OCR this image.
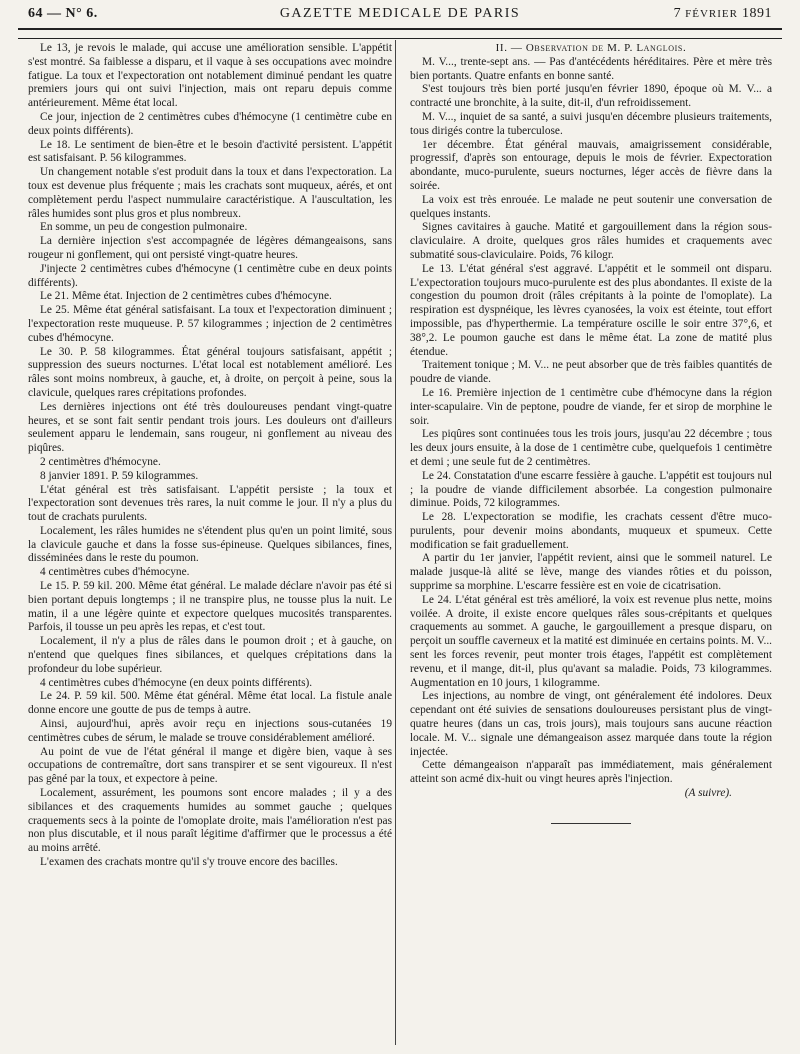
64 — N° 6.	GAZETTE MEDICALE DE PARIS	7 FÉVRIER 1891

Le 13, je revois le malade, qui accuse une amélioration sensible. L'appétit s'est montré. Sa faiblesse a disparu, et il vaque à ses occupations avec moindre fatigue. La toux et l'expectoration ont notablement diminué pendant les quatre premiers jours qui ont suivi l'injection, mais ont reparu depuis comme antérieurement. Même état local.

Ce jour, injection de 2 centimètres cubes d'hémocyne (1 centimètre cube en deux points différents).

Le 18. Le sentiment de bien-être et le besoin d'activité persistent. L'appétit est satisfaisant. P. 56 kilogrammes.

Un changement notable s'est produit dans la toux et dans l'expectoration. La toux est devenue plus fréquente ; mais les crachats sont muqueux, aérés, et ont complètement perdu l'aspect nummulaire caractéristique. A l'auscultation, les râles humides sont plus gros et plus nombreux.

En somme, un peu de congestion pulmonaire.

La dernière injection s'est accompagnée de légères démangeaisons, sans rougeur ni gonflement, qui ont persisté vingt-quatre heures.

J'injecte 2 centimètres cubes d'hémocyne (1 centimètre cube en deux points différents).

Le 21. Même état. Injection de 2 centimètres cubes d'hémocyne.

Le 25. Même état général satisfaisant. La toux et l'expectoration diminuent ; l'expectoration reste muqueuse. P. 57 kilogrammes ; injection de 2 centimètres cubes d'hémocyne.

Le 30. P. 58 kilogrammes. État général toujours satisfaisant, appétit ; suppression des sueurs nocturnes. L'état local est notablement amélioré. Les râles sont moins nombreux, à gauche, et, à droite, on perçoit à peine, sous la clavicule, quelques rares crépitations profondes.

Les dernières injections ont été très douloureuses pendant vingt-quatre heures, et se sont fait sentir pendant trois jours. Les douleurs ont d'ailleurs seulement apparu le lendemain, sans rougeur, ni gonflement au niveau des piqûres.

2 centimètres d'hémocyne.

8 janvier 1891. P. 59 kilogrammes.

L'état général est très satisfaisant. L'appétit persiste ; la toux et l'expectoration sont devenues très rares, la nuit comme le jour. Il n'y a plus du tout de crachats purulents.

Localement, les râles humides ne s'étendent plus qu'en un point limité, sous la clavicule gauche et dans la fosse sus-épineuse. Quelques sibilances, fines, disséminées dans le reste du poumon.

4 centimètres cubes d'hémocyne.

Le 15. P. 59 kil. 200. Même état général. Le malade déclare n'avoir pas été si bien portant depuis longtemps ; il ne transpire plus, ne tousse plus la nuit. Le matin, il a une légère quinte et expectore quelques mucosités transparentes. Parfois, il tousse un peu après les repas, et c'est tout.

Localement, il n'y a plus de râles dans le poumon droit ; et à gauche, on n'entend que quelques fines sibilances, et quelques crépitations dans la profondeur du lobe supérieur.

4 centimètres cubes d'hémocyne (en deux points différents).

Le 24. P. 59 kil. 500. Même état général. Même état local. La fistule anale donne encore une goutte de pus de temps à autre.

Ainsi, aujourd'hui, après avoir reçu en injections sous-cutanées 19 centimètres cubes de sérum, le malade se trouve considérablement amélioré.

Au point de vue de l'état général il mange et digère bien, vaque à ses occupations de contremaître, dort sans transpirer et se sent vigoureux. Il n'est pas gêné par la toux, et expectore à peine.

Localement, assurément, les poumons sont encore malades ; il y a des sibilances et des craquements humides au sommet gauche ; quelques craquements secs à la pointe de l'omoplate droite, mais l'amélioration n'est pas non plus discutable, et il nous paraît légitime d'affirmer que le processus a été au moins arrêté.

L'examen des crachats montre qu'il s'y trouve encore des bacilles.

II. — Observation de M. P. Langlois.

M. V..., trente-sept ans. — Pas d'antécédents héréditaires. Père et mère très bien portants. Quatre enfants en bonne santé.

S'est toujours très bien porté jusqu'en février 1890, époque où M. V... a contracté une bronchite, à la suite, dit-il, d'un refroidissement.

M. V..., inquiet de sa santé, a suivi jusqu'en décembre plusieurs traitements, tous dirigés contre la tuberculose.

1er décembre. État général mauvais, amaigrissement considérable, progressif, d'après son entourage, depuis le mois de février. Expectoration abondante, muco-purulente, sueurs nocturnes, léger accès de fièvre dans la soirée.

La voix est très enrouée. Le malade ne peut soutenir une conversation de quelques instants.

Signes cavitaires à gauche. Matité et gargouillement dans la région sous-claviculaire. A droite, quelques gros râles humides et craquements avec submatité sous-claviculaire. Poids, 76 kilogr.

Le 13. L'état général s'est aggravé. L'appétit et le sommeil ont disparu. L'expectoration toujours muco-purulente est des plus abondantes. Il existe de la congestion du poumon droit (râles crépitants à la pointe de l'omoplate). La respiration est dyspnéique, les lèvres cyanosées, la voix est éteinte, tout effort impossible, pas d'hyperthermie. La température oscille le soir entre 37°,6, et 38°,2. Le poumon gauche est dans le même état. La zone de matité plus étendue.

Traitement tonique ; M. V... ne peut absorber que de très faibles quantités de poudre de viande.

Le 16. Première injection de 1 centimètre cube d'hémocyne dans la région inter-scapulaire. Vin de peptone, poudre de viande, fer et sirop de morphine le soir.

Les piqûres sont continuées tous les trois jours, jusqu'au 22 décembre ; tous les deux jours ensuite, à la dose de 1 centimètre cube, quelquefois 1 centimètre et demi ; une seule fut de 2 centimètres.

Le 24. Constatation d'une escarre fessière à gauche. L'appétit est toujours nul ; la poudre de viande difficilement absorbée. La congestion pulmonaire diminue. Poids, 72 kilogrammes.

Le 28. L'expectoration se modifie, les crachats cessent d'être muco-purulents, pour devenir moins abondants, muqueux et spumeux. Cette modification se fait graduellement.

A partir du 1er janvier, l'appétit revient, ainsi que le sommeil naturel. Le malade jusque-là alité se lève, mange des viandes rôties et du poisson, supprime sa morphine. L'escarre fessière est en voie de cicatrisation.

Le 24. L'état général est très amélioré, la voix est revenue plus nette, moins voilée. A droite, il existe encore quelques râles sous-crépitants et quelques craquements au sommet. A gauche, le gargouillement a presque disparu, on perçoit un souffle caverneux et la matité est diminuée en certains points. M. V... sent les forces revenir, peut monter trois étages, l'appétit est complètement revenu, et il mange, dit-il, plus qu'avant sa maladie. Poids, 73 kilogrammes. Augmentation en 10 jours, 1 kilogramme.

Les injections, au nombre de vingt, ont généralement été indolores. Deux cependant ont été suivies de sensations douloureuses persistant plus de vingt-quatre heures (dans un cas, trois jours), mais toujours sans aucune réaction locale. M. V... signale une démangeaison assez marquée dans toute la région injectée.

Cette démangeaison n'apparaît pas immédiatement, mais généralement atteint son acmé dix-huit ou vingt heures après l'injection.

(A suivre).
